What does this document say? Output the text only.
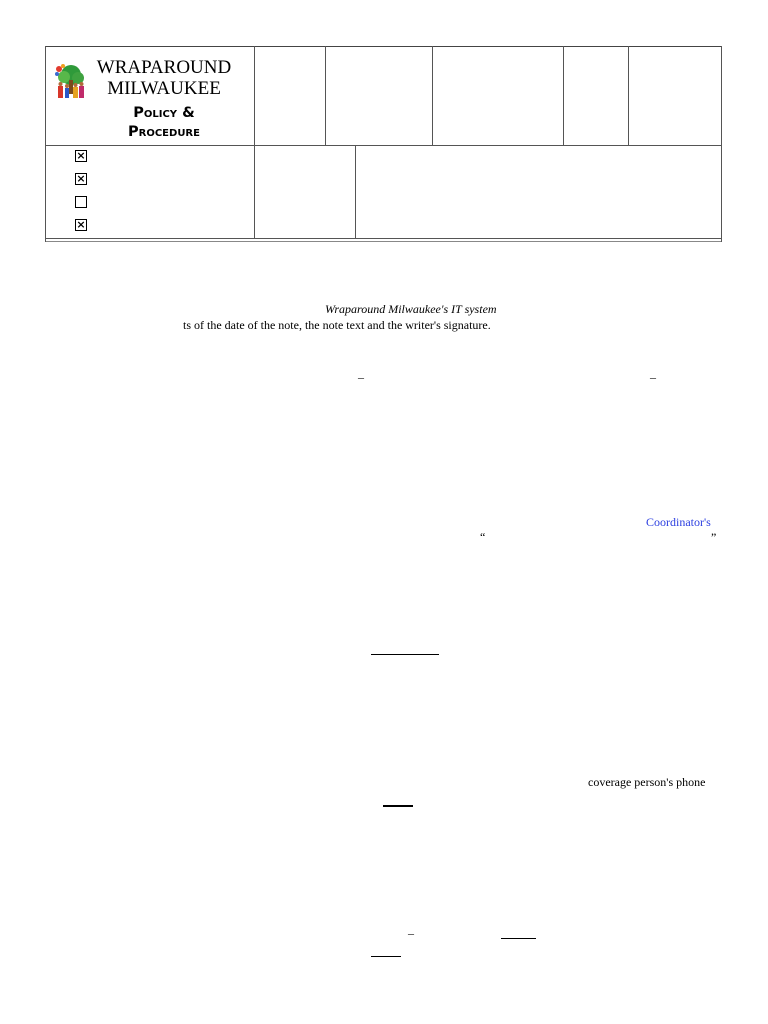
WRAPAROUND
MILWAUKEE
Policy &
Procedure
×
×
×
Wraparound Milwaukee's IT system
ts of the date of the note, the note text and the writer's signature.
–	–
Coordinator's
“	”
coverage person's phone
–
